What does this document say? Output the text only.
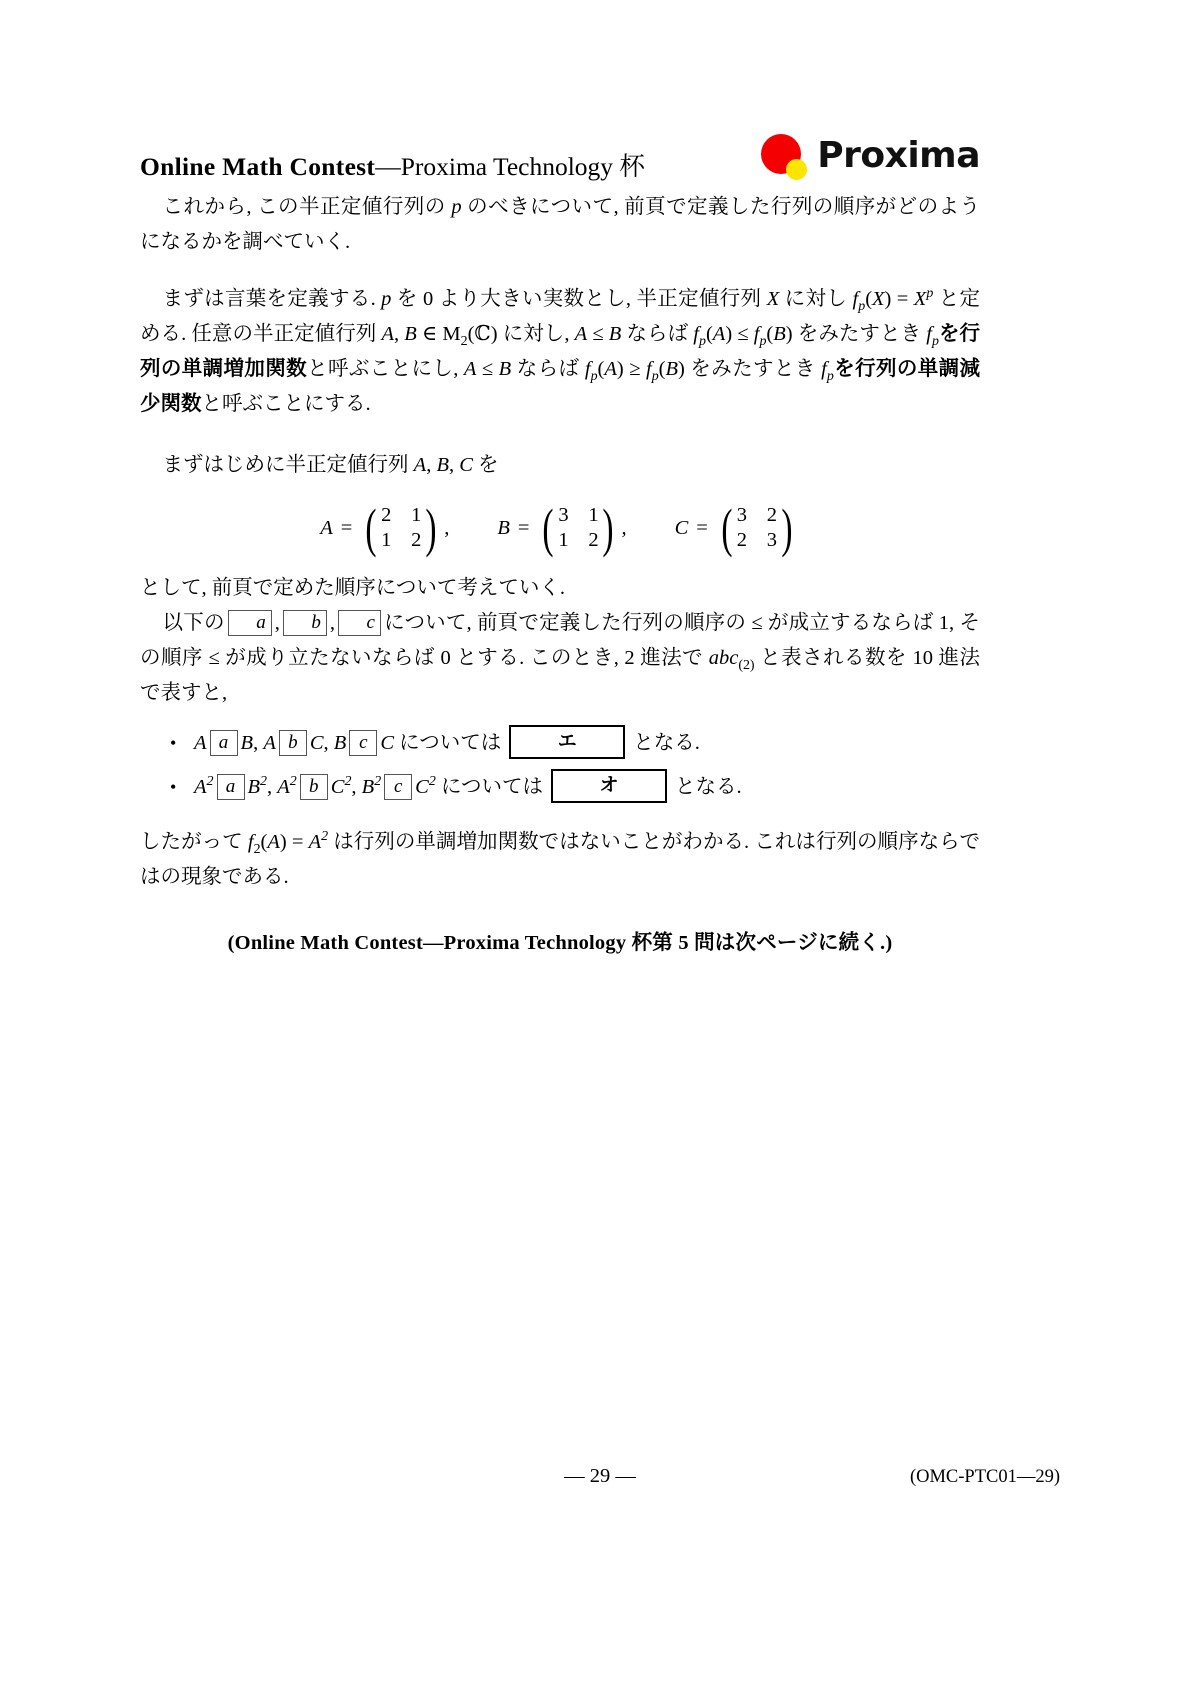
Online Math Contest—Proxima Technology 杯	Proxima

これから, この半正定値行列の p のべきについて, 前頁で定義した行列の順序がどのようになるかを調べていく.

まずは言葉を定義する. p を 0 より大きい実数とし, 半正定値行列 X に対し $f_p(X) = X^p$ と定める. 任意の半正定値行列 A, B ∈ $M_2(ℂ)$ に対し, A ≤ B ならば $f_p(A) \le f_p(B)$ をみたすとき $f_p$を行列の単調増加関数と呼ぶことにし, A ≤ B ならば $f_p(A) \ge f_p(B)$ をみたすとき $f_p$を行列の単調減少関数と呼ぶことにする.

まずはじめに半正定値行列 A, B, C を

A = ( 2 1
1 2 ) , B = ( 3 1
1 2 ) , C = ( 3 2
2 3 )

として, 前頁で定めた順序について考えていく.

以下の a , b , c について, 前頁で定義した行列の順序の ≤ が成立するならば 1, その順序 ≤ が成り立たないならば 0 とする. このとき, 2 進法で abc$_{(2)}$ と表される数を 10 進法で表すと,

• A a B, A b C, B c C については	エ	となる.
• $A^2$ a $B^2$, $A^2$ b $C^2$, $B^2$ c $C^2$ については	オ	となる.

したがって $f_2(A) = A^2$ は行列の単調増加関数ではないことがわかる. これは行列の順序ならではの現象である.

(Online Math Contest—Proxima Technology 杯第 5 問は次ページに続く.)
— 29 —	(OMC-PTC01—29)
